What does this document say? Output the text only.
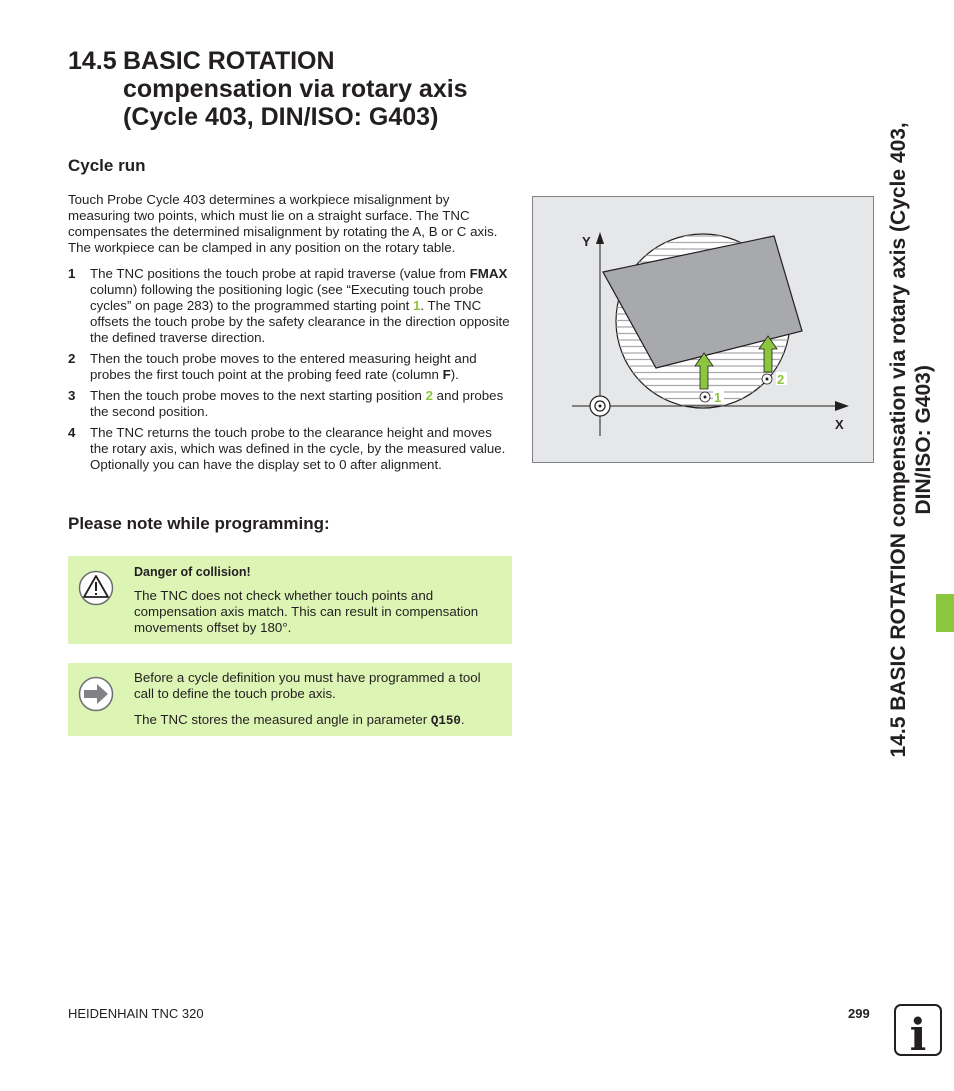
14.5 BASIC ROTATION
compensation via rotary axis
(Cycle 403, DIN/ISO: G403)
Cycle run
Touch Probe Cycle 403 determines a workpiece misalignment by measuring two points, which must lie on a straight surface. The TNC compensates the determined misalignment by rotating the A, B or C axis. The workpiece can be clamped in any position on the rotary table.
1 The TNC positions the touch probe at rapid traverse (value from FMAX column) following the positioning logic (see “Executing touch probe cycles” on page 283) to the programmed starting point 1. The TNC offsets the touch probe by the safety clearance in the direction opposite the defined traverse direction.
2 Then the touch probe moves to the entered measuring height and probes the first touch point at the probing feed rate (column F).
3 Then the touch probe moves to the next starting position 2 and probes the second position.
4 The TNC returns the touch probe to the clearance height and moves the rotary axis, which was defined in the cycle, by the measured value. Optionally you can have the display set to 0 after alignment.
Please note while programming:
Danger of collision!
The TNC does not check whether touch points and compensation axis match. This can result in compensation movements offset by 180°.
Before a cycle definition you must have programmed a tool call to define the touch probe axis.
The TNC stores the measured angle in parameter Q150.
Y
X
1
2	14.5 BASIC ROTATION compensation via rotary axis (Cycle 403, DIN/ISO: G403)
HEIDENHAIN TNC 320	299 i
